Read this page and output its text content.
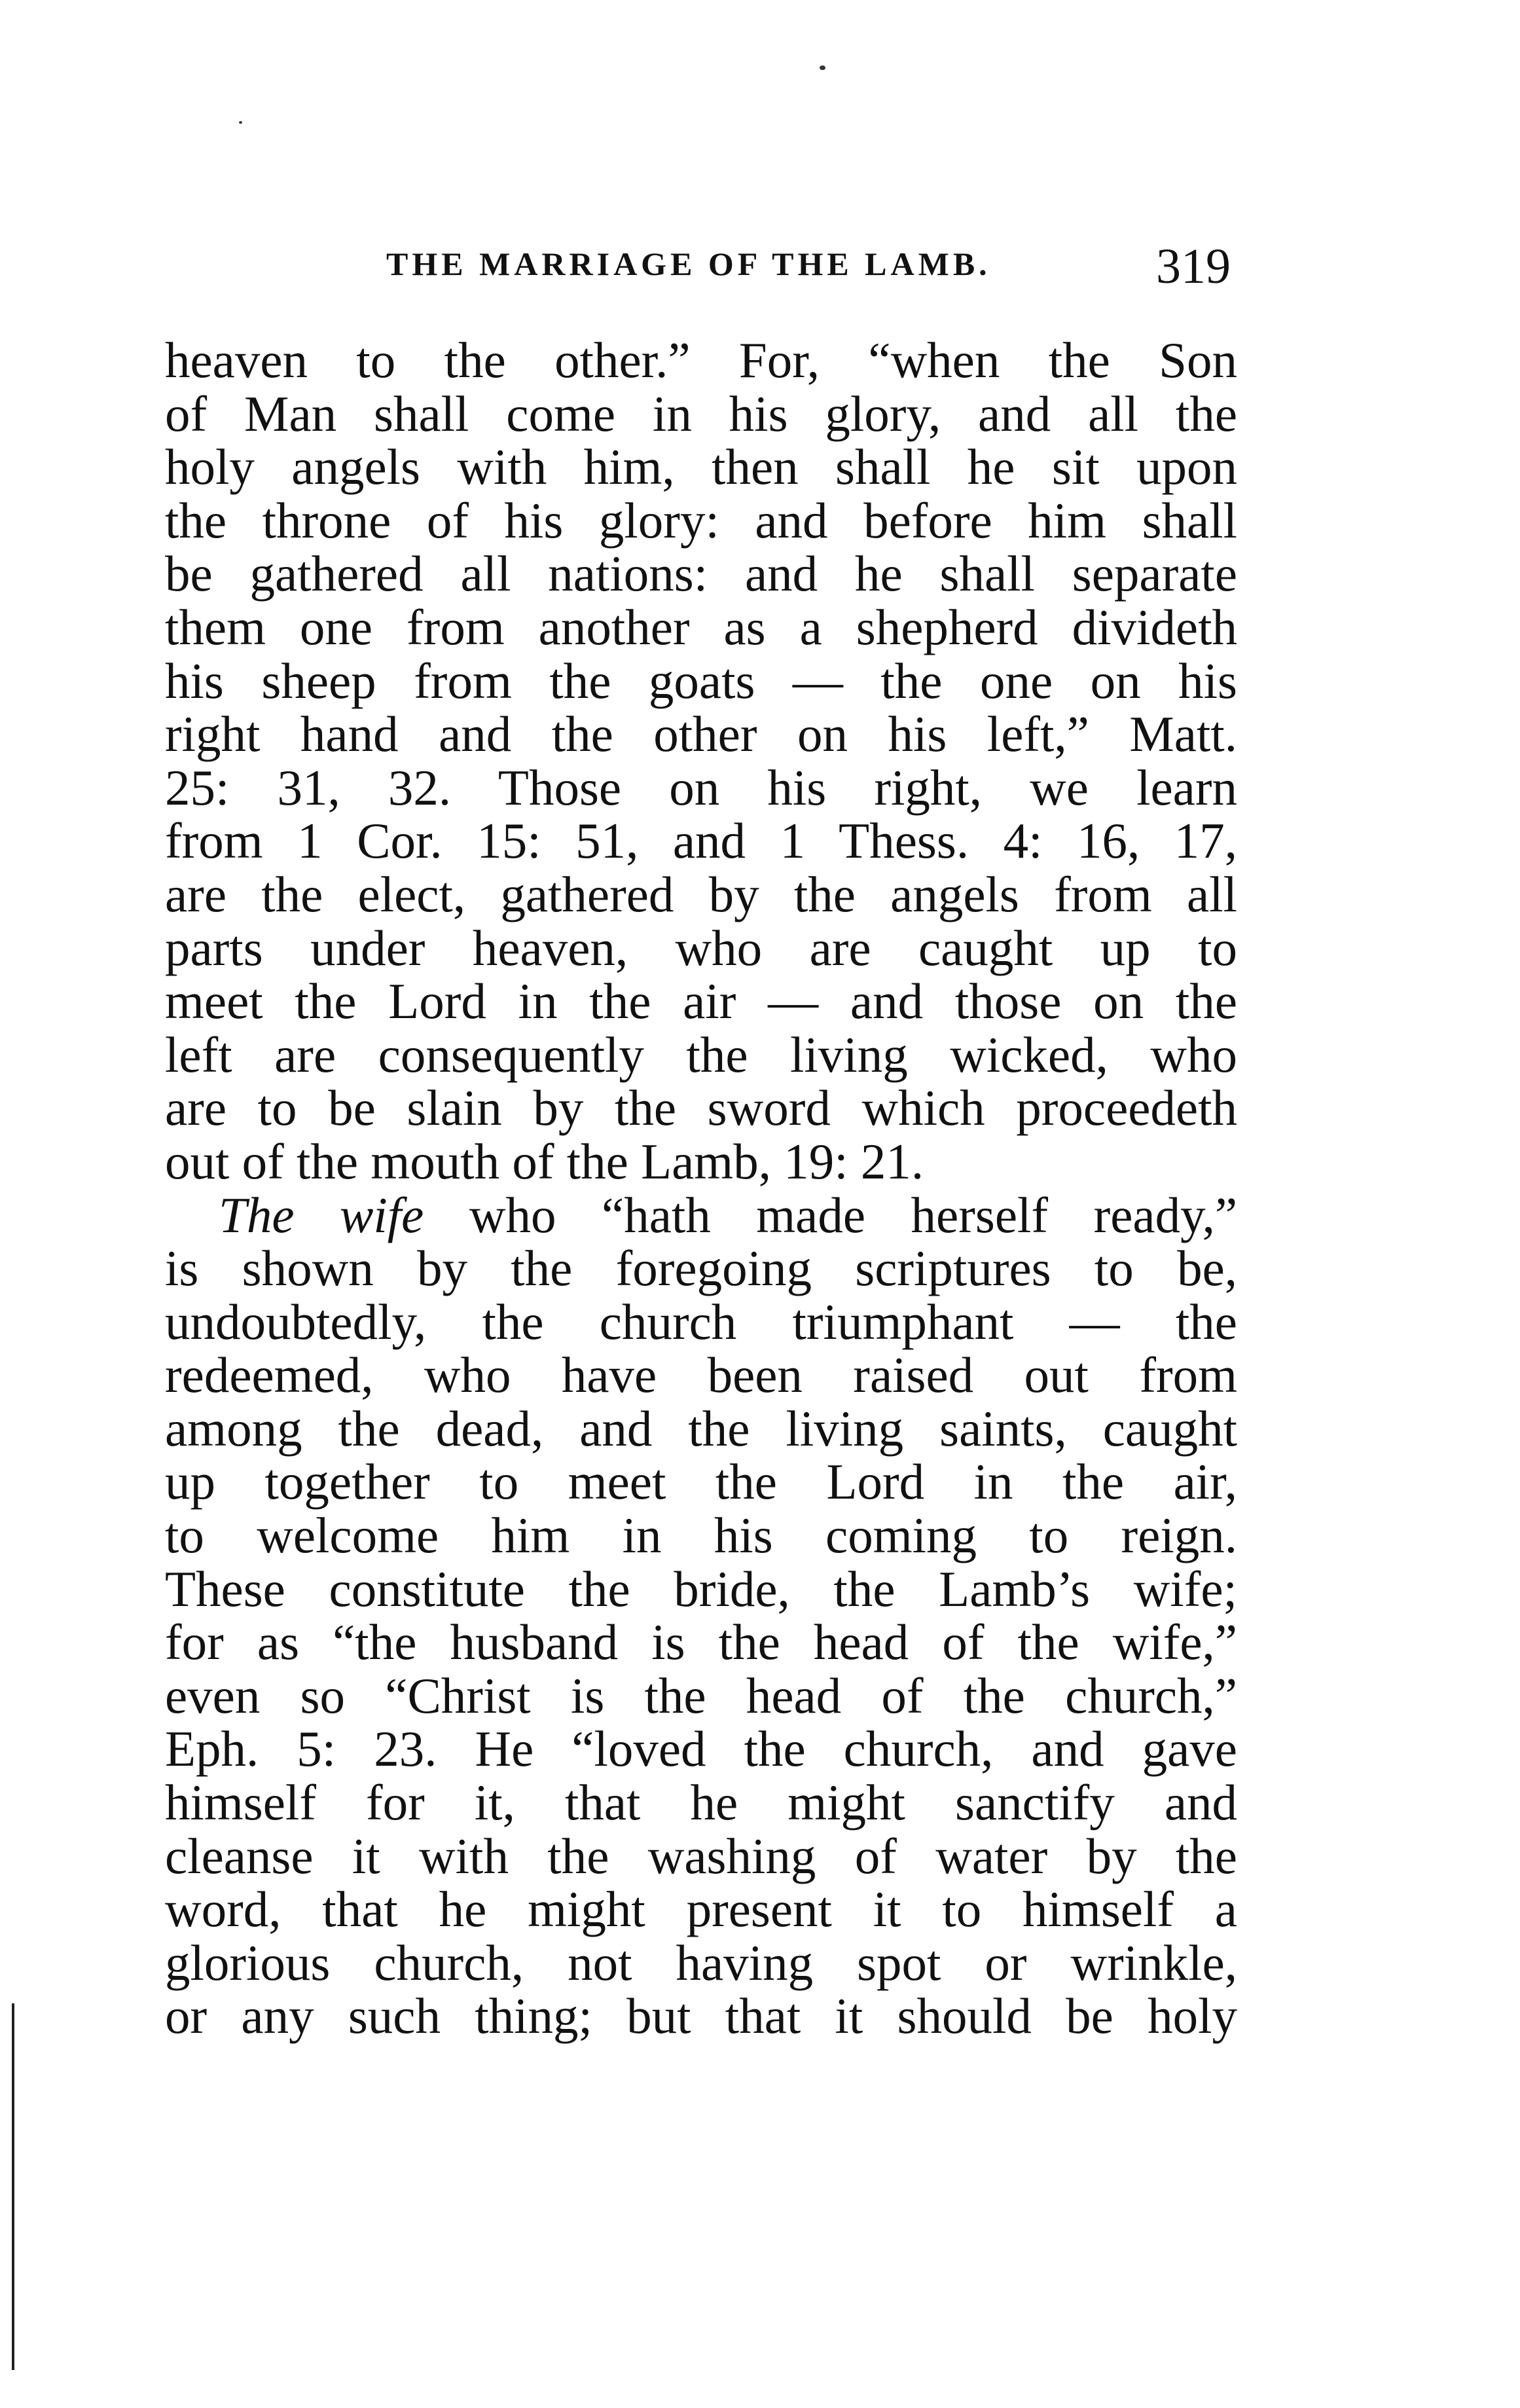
THE MARRIAGE OF THE LAMB.	319
heaven to the other.” For, “when the Son
of Man shall come in his glory, and all the
holy angels with him, then shall he sit upon
the throne of his glory: and before him shall
be gathered all nations: and he shall separate
them one from another as a shepherd divideth
his sheep from the goats — the one on his
right hand and the other on his left,” Matt.
25: 31, 32. Those on his right, we learn
from 1 Cor. 15: 51, and 1 Thess. 4: 16, 17,
are the elect, gathered by the angels from all
parts under heaven, who are caught up to
meet the Lord in the air — and those on the
left are consequently the living wicked, who
are to be slain by the sword which proceedeth
out of the mouth of the Lamb, 19: 21.
The wife who “hath made herself ready,”
is shown by the foregoing scriptures to be,
undoubtedly, the church triumphant — the
redeemed, who have been raised out from
among the dead, and the living saints, caught
up together to meet the Lord in the air,
to welcome him in his coming to reign.
These constitute the bride, the Lamb’s wife;
for as “the husband is the head of the wife,”
even so “Christ is the head of the church,”
Eph. 5: 23. He “loved the church, and gave
himself for it, that he might sanctify and
cleanse it with the washing of water by the
word, that he might present it to himself a
glorious church, not having spot or wrinkle,
or any such thing; but that it should be holy
